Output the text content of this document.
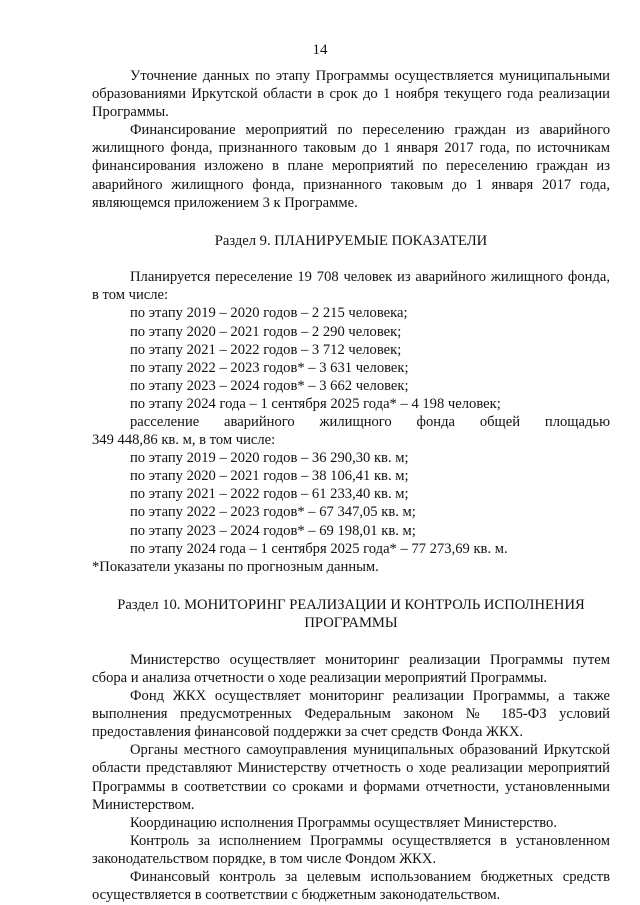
14

Уточнение данных по этапу Программы осуществляется муниципальными образованиями Иркутской области в срок до 1 ноября текущего года реализации Программы.

Финансирование мероприятий по переселению граждан из аварийного жилищного фонда, признанного таковым до 1 января 2017 года, по источникам финансирования изложено в плане мероприятий по переселению граждан из аварийного жилищного фонда, признанного таковым до 1 января 2017 года, являющемся приложением 3 к Программе.

Раздел 9. ПЛАНИРУЕМЫЕ ПОКАЗАТЕЛИ

Планируется переселение 19 708 человек из аварийного жилищного фонда, в том числе:

по этапу 2019 – 2020 годов – 2 215 человека;
по этапу 2020 – 2021 годов – 2 290 человек;
по этапу 2021 – 2022 годов – 3 712 человек;
по этапу 2022 – 2023 годов* – 3 631 человек;
по этапу 2023 – 2024 годов* – 3 662 человек;
по этапу 2024 года – 1 сентября 2025 года* – 4 198 человек;

расселение аварийного жилищного фонда общей площадью

349 448,86 кв. м, в том числе:

по этапу 2019 – 2020 годов – 36 290,30 кв. м;
по этапу 2020 – 2021 годов – 38 106,41 кв. м;
по этапу 2021 – 2022 годов – 61 233,40 кв. м;
по этапу 2022 – 2023 годов* – 67 347,05 кв. м;
по этапу 2023 – 2024 годов* – 69 198,01 кв. м;
по этапу 2024 года – 1 сентября 2025 года* – 77 273,69 кв. м.

*Показатели указаны по прогнозным данным.

Раздел 10. МОНИТОРИНГ РЕАЛИЗАЦИИ И КОНТРОЛЬ ИСПОЛНЕНИЯ
ПРОГРАММЫ

Министерство осуществляет мониторинг реализации Программы путем сбора и анализа отчетности о ходе реализации мероприятий Программы.

Фонд ЖКХ осуществляет мониторинг реализации Программы, а также выполнения предусмотренных Федеральным законом № 185-ФЗ условий предоставления финансовой поддержки за счет средств Фонда ЖКХ.

Органы местного самоуправления муниципальных образований Иркутской области представляют Министерству отчетность о ходе реализации мероприятий Программы в соответствии со сроками и формами отчетности, установленными Министерством.

Координацию исполнения Программы осуществляет Министерство.

Контроль за исполнением Программы осуществляется в установленном законодательством порядке, в том числе Фондом ЖКХ.

Финансовый контроль за целевым использованием бюджетных средств осуществляется в соответствии с бюджетным законодательством.
